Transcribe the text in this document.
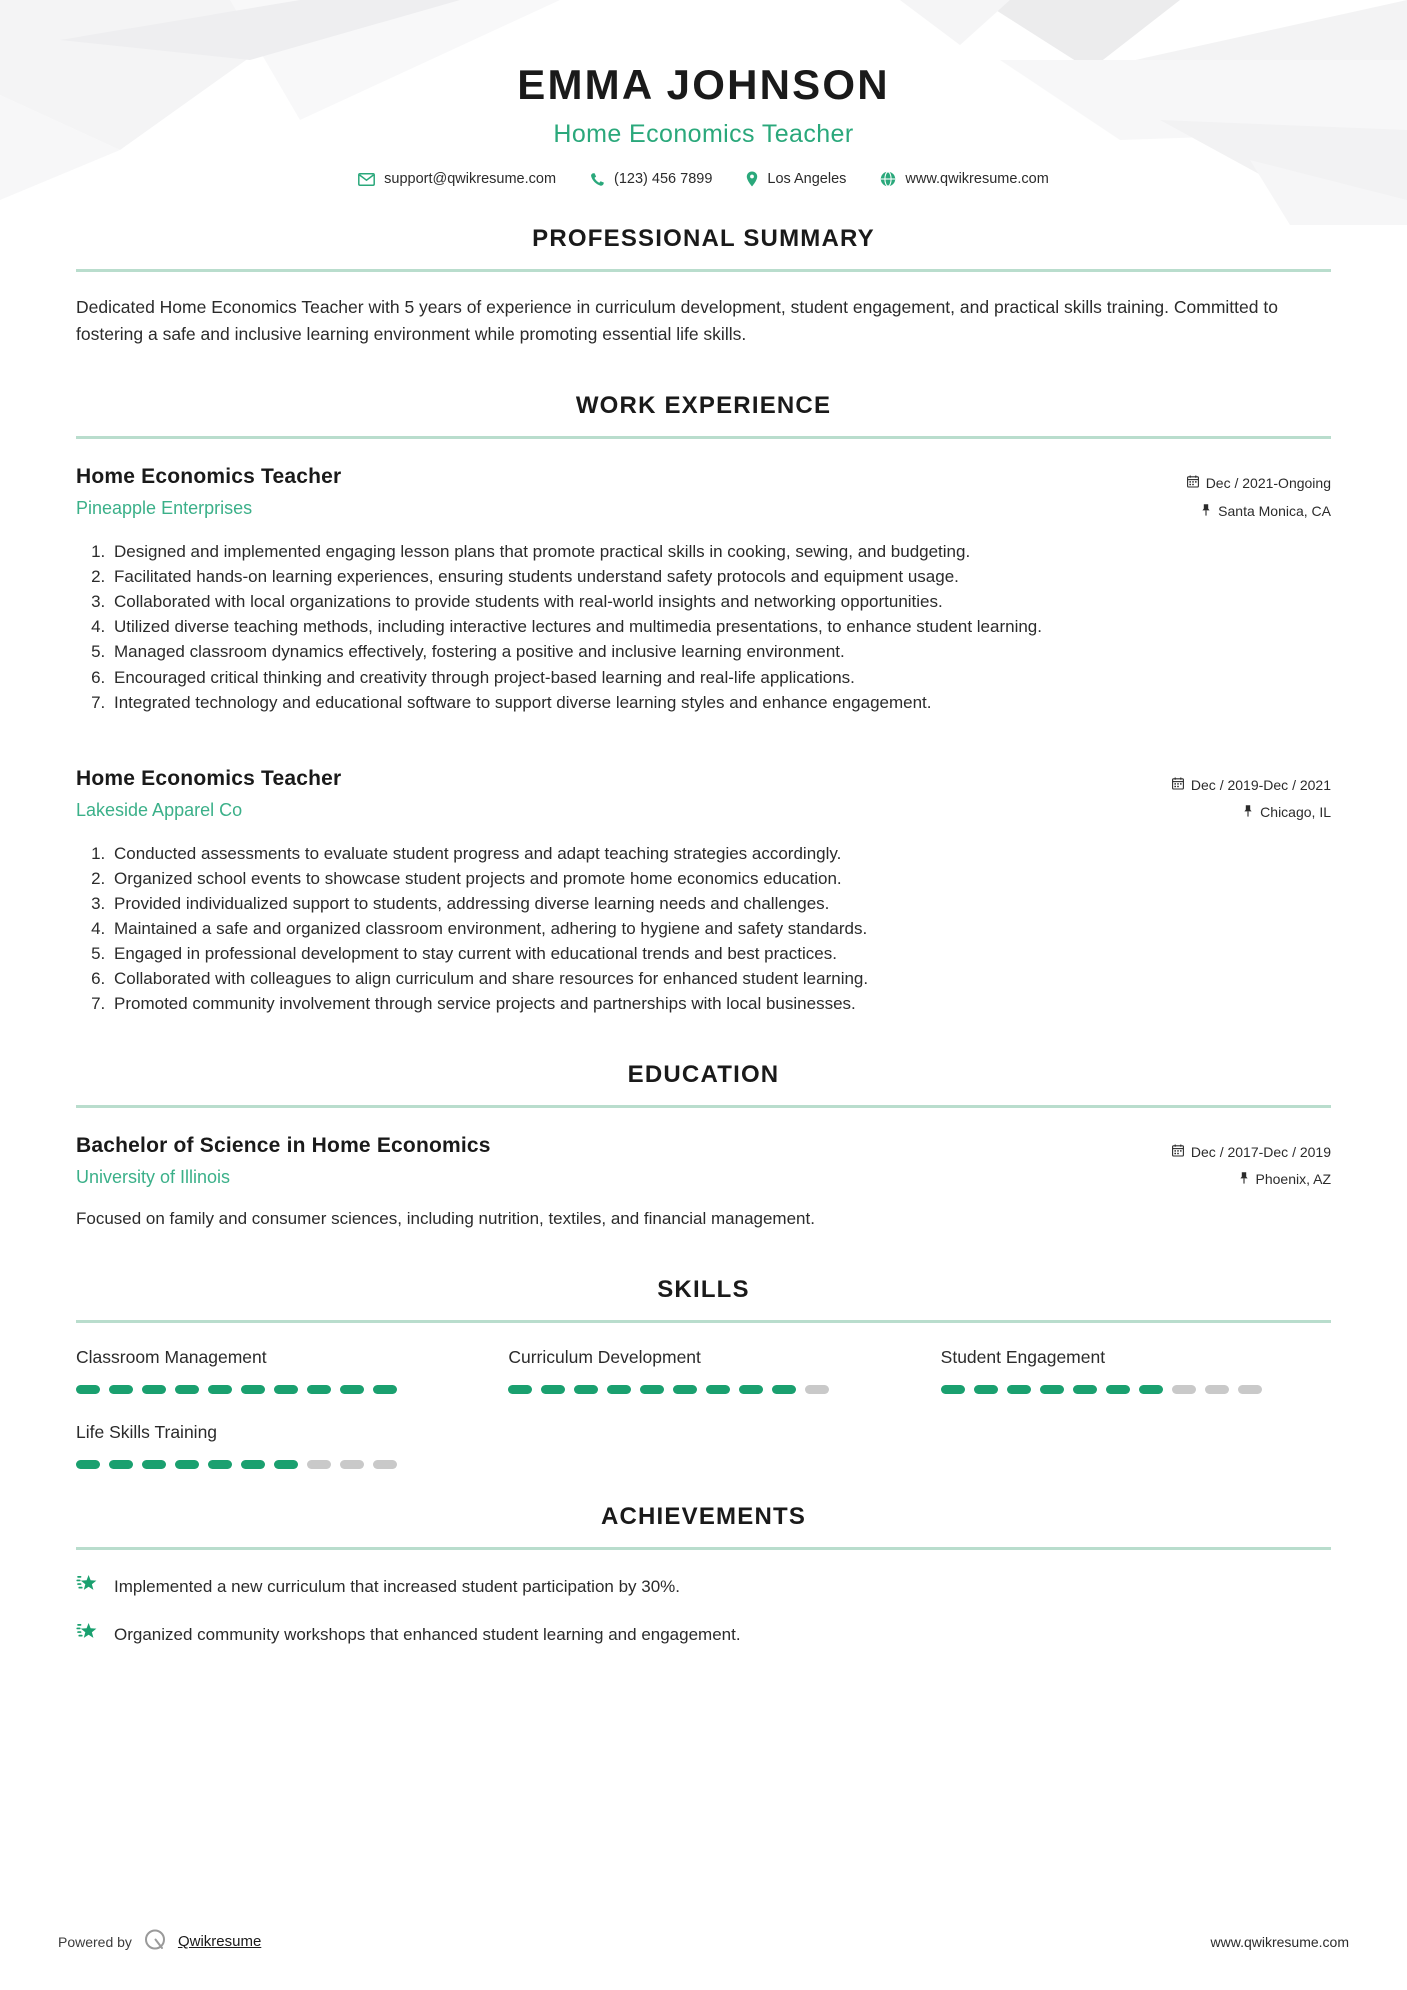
EMMA JOHNSON
Home Economics Teacher
support@qwikresume.com	(123) 456 7899	Los Angeles	www.qwikresume.com
PROFESSIONAL SUMMARY

Dedicated Home Economics Teacher with 5 years of experience in curriculum development, student engagement, and practical skills training. Committed to fostering a safe and inclusive learning environment while promoting essential life skills.

WORK EXPERIENCE
Home Economics Teacher
Pineapple Enterprises
Dec / 2021-Ongoing
Santa Monica, CA
1. Designed and implemented engaging lesson plans that promote practical skills in cooking, sewing, and budgeting.
2. Facilitated hands-on learning experiences, ensuring students understand safety protocols and equipment usage.
3. Collaborated with local organizations to provide students with real-world insights and networking opportunities.
4. Utilized diverse teaching methods, including interactive lectures and multimedia presentations, to enhance student learning.
5. Managed classroom dynamics effectively, fostering a positive and inclusive learning environment.
6. Encouraged critical thinking and creativity through project-based learning and real-life applications.
7. Integrated technology and educational software to support diverse learning styles and enhance engagement.
Home Economics Teacher
Lakeside Apparel Co
Dec / 2019-Dec / 2021
Chicago, IL
1. Conducted assessments to evaluate student progress and adapt teaching strategies accordingly.
2. Organized school events to showcase student projects and promote home economics education.
3. Provided individualized support to students, addressing diverse learning needs and challenges.
4. Maintained a safe and organized classroom environment, adhering to hygiene and safety standards.
5. Engaged in professional development to stay current with educational trends and best practices.
6. Collaborated with colleagues to align curriculum and share resources for enhanced student learning.
7. Promoted community involvement through service projects and partnerships with local businesses.
EDUCATION
Bachelor of Science in Home Economics
University of Illinois
Dec / 2017-Dec / 2019
Phoenix, AZ

Focused on family and consumer sciences, including nutrition, textiles, and financial management.

SKILLS
Classroom Management	Curriculum Development	Student Engagement
Life Skills Training
ACHIEVEMENTS
Implemented a new curriculum that increased student participation by 30%.
Organized community workshops that enhanced student learning and engagement.
Powered by	Qwikresume	www.qwikresume.com
